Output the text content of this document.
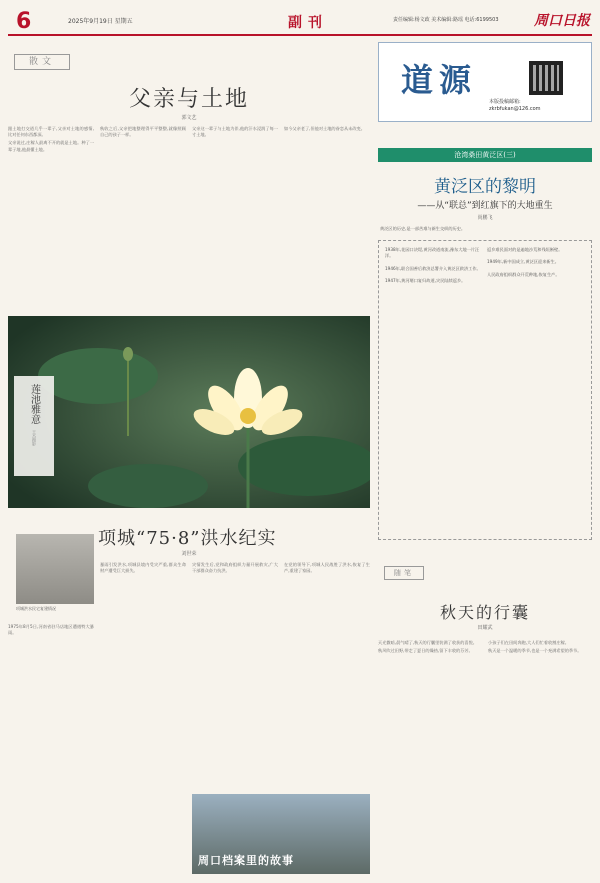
6	2025年9月19日 星期五	副刊	责任编辑:杨文政 美术编辑:路瑶 电话:6199503	周口日报
散文
父亲与土地
郭文艺

跟土地打交道几乎一辈子,父亲对土地的感情,比对任何东西都深。

父亲说过,庄稼人最离不开的就是土地。种了一辈子地,他最懂土地。

秋收之后,父亲把地整理得平平整整,就像照顾自己的孩子一样。

父亲这一辈子与土地为伴,他的汗水浸润了每一寸土地。

如今父亲老了,但他对土地的眷恋从未改变。

莲池雅意
王杰摄影
项城洪水民宅复建情况
项城“75·8”洪水纪实
刘世荣

1975年8月5日,河南省驻马店地区遭遇特大暴雨。

暴雨引发洪水,项城县境内受灾严重,群众生命财产遭受巨大损失。

灾情发生后,党和政府组织力量开展救灾,广大干部群众奋力抗洪。

在党的领导下,项城人民战胜了洪水,恢复了生产,重建了家园。

周口档案里的故事
道源
本版投稿邮箱:
zkrbfukan@126.com
沧湾桑田黄泛区(三)
黄泛区的黎明
——从“联总”到红旗下的大地重生
尚鹏飞
黄泛区的历史,是一部苦难与新生交织的历史。

1938年,花园口决堤,黄河改道南流,豫东大地一片汪洋。

1946年,联合国善后救济总署介入黄泛区救济工作。

1947年,黄河堵口复归故道,灾民陆续返乡。

返乡难民面对的是遍地沙荒和残垣断壁。

1949年,新中国成立,黄泛区迎来新生。

人民政府组织群众开荒种地,恢复生产。

随笔
秋天的行囊
田耀武

天光微暗,晨气晴了,秋天的行囊里装满了收获的喜悦。

秋风吹过田野,带走了夏日的燥热,留下丰收的芬芳。

小孩子们在田间奔跑,大人们忙着收割庄稼。

秋天是一个温暖的季节,也是一个充满希望的季节。
